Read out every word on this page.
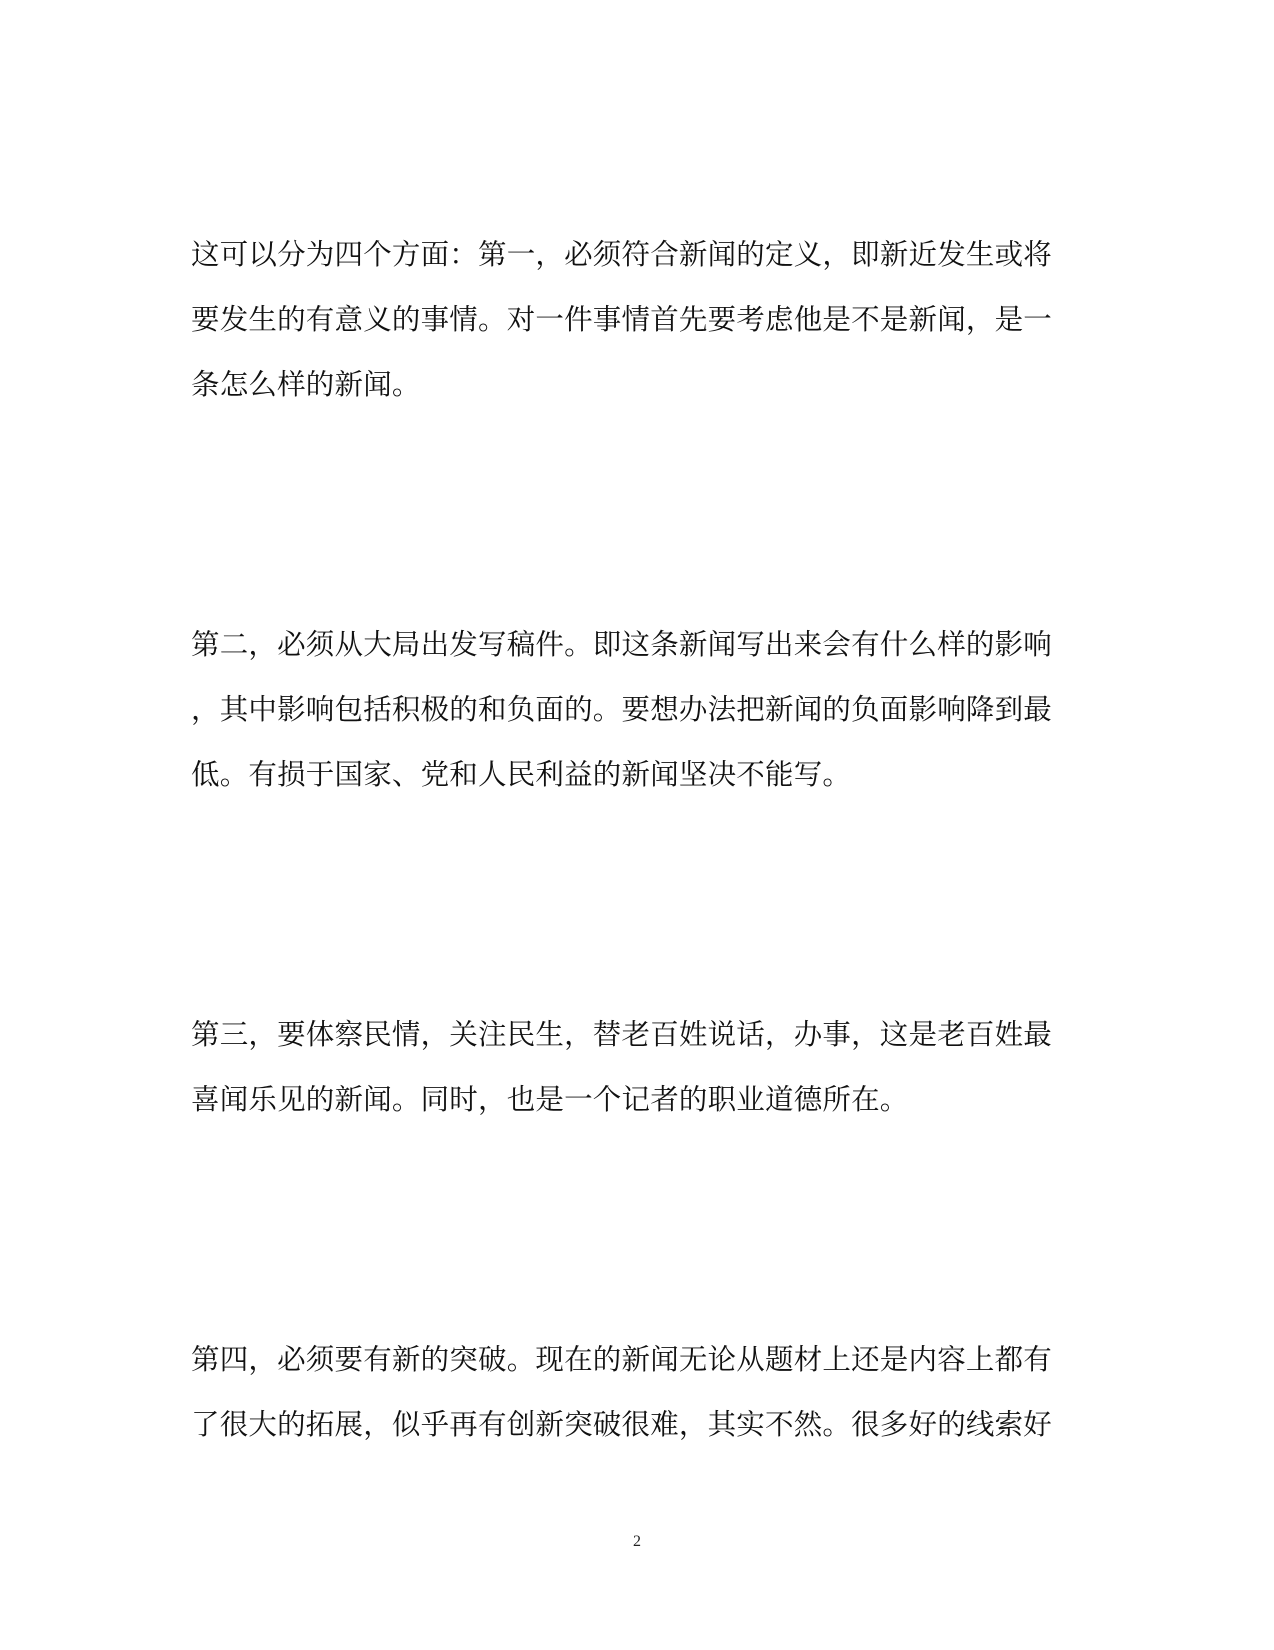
这可以分为四个方面：第一，必须符合新闻的定义，即新近发生或将
要发生的有意义的事情。对一件事情首先要考虑他是不是新闻，是一
条怎么样的新闻。
第二，必须从大局出发写稿件。即这条新闻写出来会有什么样的影响
，其中影响包括积极的和负面的。要想办法把新闻的负面影响降到最
低。有损于国家、党和人民利益的新闻坚决不能写。
第三，要体察民情，关注民生，替老百姓说话，办事，这是老百姓最
喜闻乐见的新闻。同时，也是一个记者的职业道德所在。
第四，必须要有新的突破。现在的新闻无论从题材上还是内容上都有
了很大的拓展，似乎再有创新突破很难，其实不然。很多好的线索好
2
